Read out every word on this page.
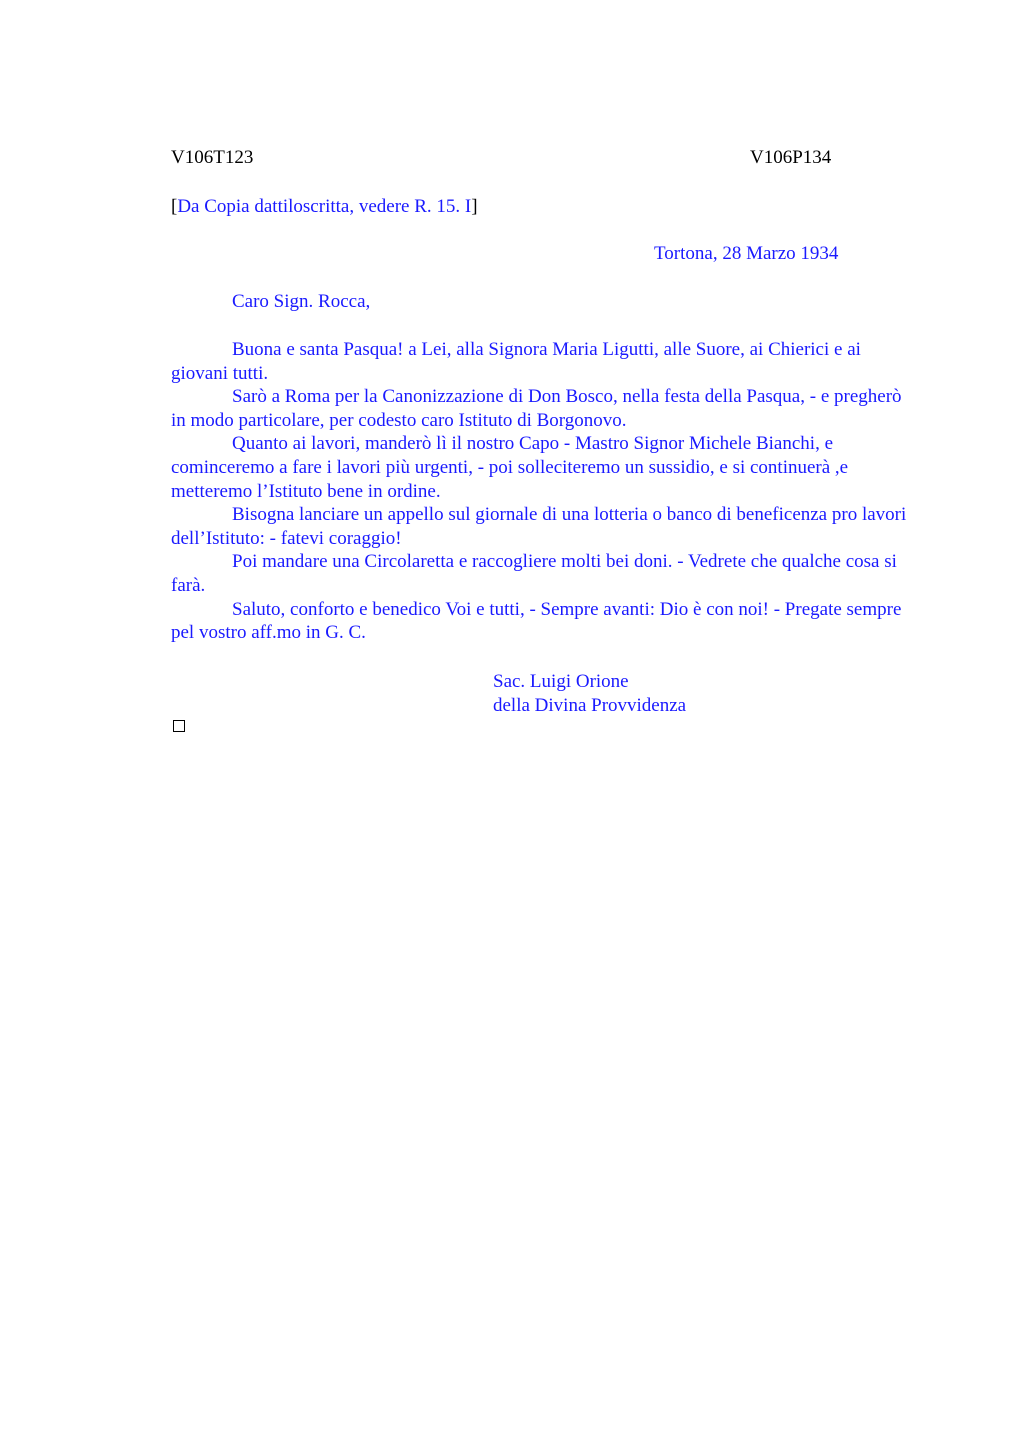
V106T123	V106P134
[Da Copia dattiloscritta, vedere R. 15. I]
Tortona, 28 Marzo 1934
Caro Sign. Rocca,

Buona e santa Pasqua! a Lei, alla Signora Maria Ligutti, alle Suore, ai Chierici e ai giovani tutti.

Sarò a Roma per la Canonizzazione di Don Bosco, nella festa della Pasqua, - e pregherò in modo particolare, per codesto caro Istituto di Borgonovo.

Quanto ai lavori, manderò lì il nostro Capo - Mastro Signor Michele Bianchi, e cominceremo a fare i lavori più urgenti, - poi solleciteremo un sussidio, e si continuerà ,e metteremo l’Istituto bene in ordine.

Bisogna lanciare un appello sul giornale di una lotteria o banco di beneficenza pro lavori dell’Istituto: - fatevi coraggio!

Poi mandare una Circolaretta e raccogliere molti bei doni. - Vedrete che qualche cosa si farà.

Saluto, conforto e benedico Voi e tutti, - Sempre avanti: Dio è con noi! - Pregate sempre pel vostro aff.mo in G. C.

Sac. Luigi Orione
della Divina Provvidenza
